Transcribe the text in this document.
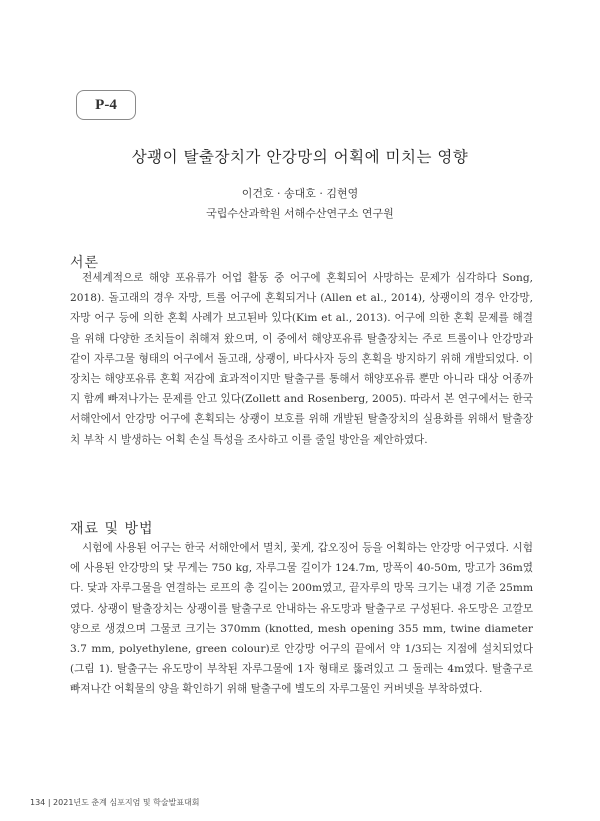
P-4
상괭이 탈출장치가 안강망의 어획에 미치는 영향
이건호 · 송대호 · 김현영
국립수산과학원 서해수산연구소 연구원
서론

전세계적으로 해양 포유류가 어업 활동 중 어구에 혼획되어 사망하는 문제가 심각하다 Song, 2018). 돌고래의 경우 자망, 트롤 어구에 혼획되거나 (Allen et al., 2014), 상괭이의 경우 안강망, 자망 어구 등에 의한 혼획 사례가 보고된바 있다(Kim et al., 2013). 어구에 의한 혼획 문제를 해결을 위해 다양한 조치들이 취해져 왔으며, 이 중에서 해양포유류 탈출장치는 주로 트롤이나 안강망과 같이 자루그물 형태의 어구에서 돌고래, 상괭이, 바다사자 등의 혼획을 방지하기 위해 개발되었다. 이 장치는 해양포유류 혼획 저감에 효과적이지만 탈출구를 통해서 해양포유류 뿐만 아니라 대상 어종까지 함께 빠져나가는 문제를 안고 있다(Zollett and Rosenberg, 2005). 따라서 본 연구에서는 한국 서해안에서 안강망 어구에 혼획되는 상괭이 보호를 위해 개발된 탈출장치의 실용화를 위해서 탈출장치 부착 시 발생하는 어획 손실 특성을 조사하고 이를 줄일 방안을 제안하였다.

재료 및 방법

시험에 사용된 어구는 한국 서해안에서 멸치, 꽃게, 갑오징어 등을 어획하는 안강망 어구였다. 시험에 사용된 안강망의 닻 무게는 750 kg, 자루그물 길이가 124.7m, 망폭이 40-50m, 망고가 36m였다. 닻과 자루그물을 연결하는 로프의 총 길이는 200m였고, 끝자루의 망목 크기는 내경 기준 25mm였다. 상괭이 탈출장치는 상괭이를 탈출구로 안내하는 유도망과 탈출구로 구성된다. 유도망은 고깔모양으로 생겼으며 그물코 크기는 370mm (knotted, mesh opening 355 mm, twine diameter 3.7 mm, polyethylene, green colour)로 안강망 어구의 끝에서 약 1/3되는 지점에 설치되었다(그림 1). 탈출구는 유도망이 부착된 자루그물에 1자 형태로 뚫려있고 그 둘레는 4m였다. 탈출구로 빠져나간 어획물의 양을 확인하기 위해 탈출구에 별도의 자루그물인 커버넷을 부착하였다.

134 | 2021년도 춘계 심포지엄 및 학술발표대회
